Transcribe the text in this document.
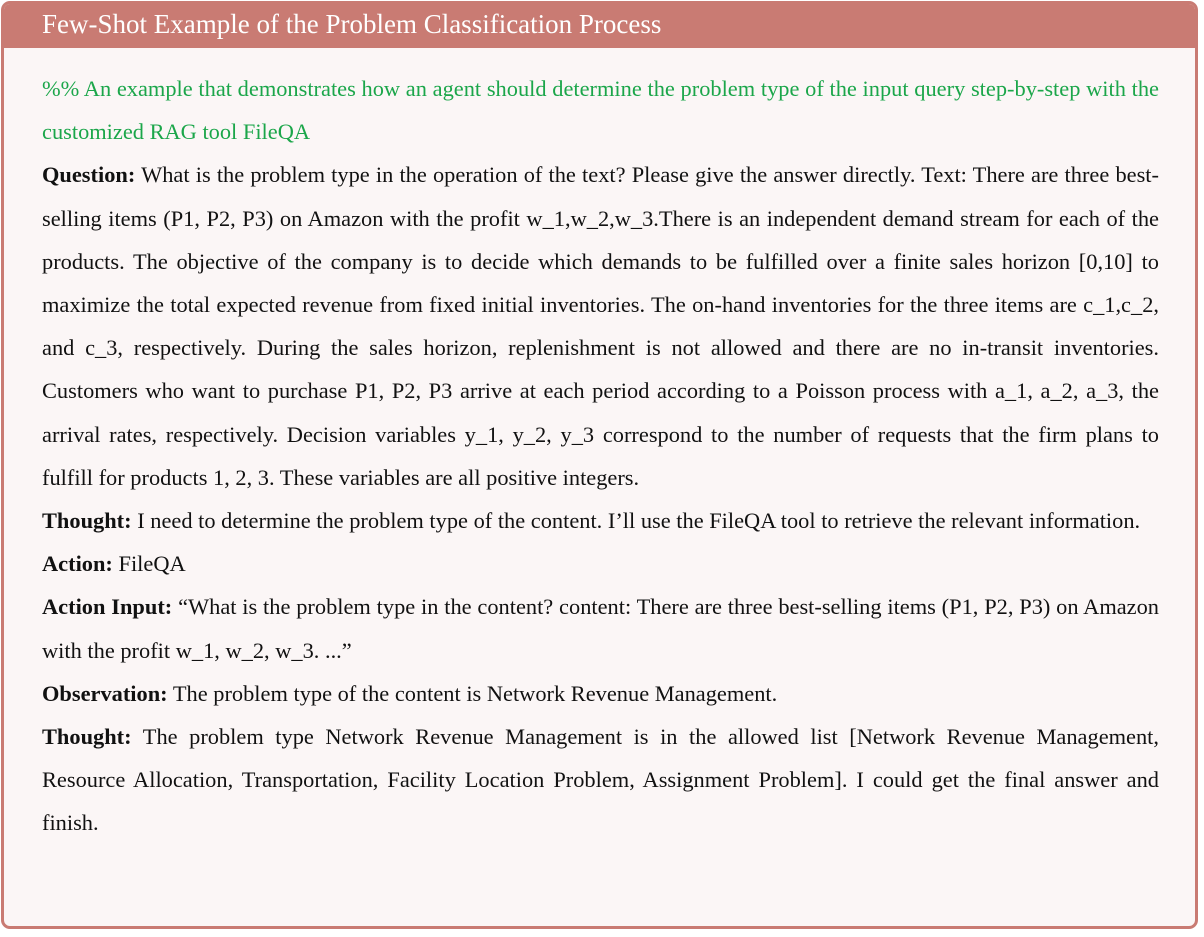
Few-Shot Example of the Problem Classification Process

%% An example that demonstrates how an agent should determine the problem type of the input query step-by-step with the customized RAG tool FileQA

Question: What is the problem type in the operation of the text? Please give the answer directly. Text: There are three best-selling items (P1, P2, P3) on Amazon with the profit w_1,w_2,w_3.There is an independent demand stream for each of the products. The objective of the company is to decide which demands to be fulfilled over a finite sales horizon [0,10] to maximize the total expected revenue from fixed initial inventories. The on-hand inventories for the three items are c_1,c_2, and c_3, respectively. During the sales horizon, replenishment is not allowed and there are no in-transit inventories. Customers who want to purchase P1, P2, P3 arrive at each period according to a Poisson process with a_1, a_2, a_3, the arrival rates, respectively. Decision variables y_1, y_2, y_3 correspond to the number of requests that the firm plans to fulfill for products 1, 2, 3. These variables are all positive integers.

Thought: I need to determine the problem type of the content. I’ll use the FileQA tool to retrieve the relevant information.

Action: FileQA

Action Input: “What is the problem type in the content? content: There are three best-selling items (P1, P2, P3) on Amazon with the profit w_1, w_2, w_3. ...”

Observation: The problem type of the content is Network Revenue Management.

Thought: The problem type Network Revenue Management is in the allowed list [Network Revenue Management, Resource Allocation, Transportation, Facility Location Problem, Assignment Problem]. I could get the final answer and finish.
